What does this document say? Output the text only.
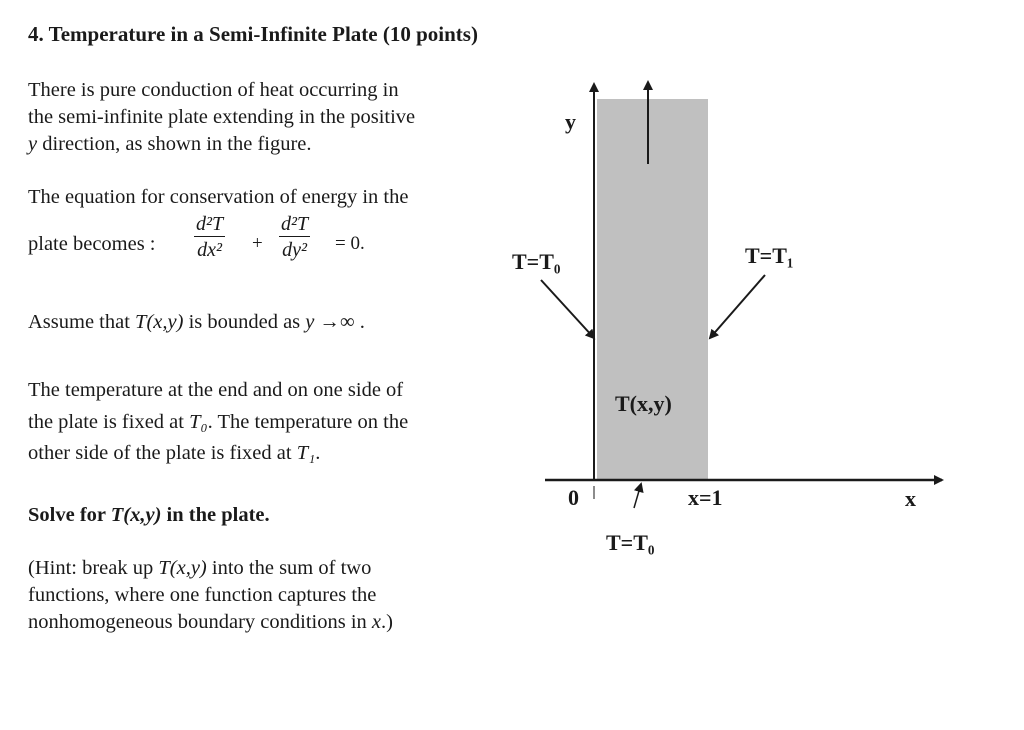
4. Temperature in a Semi-Infinite Plate (10 points)
There is pure conduction of heat occurring in
the semi-infinite plate extending in the positive
y direction, as shown in the figure.
The equation for conservation of energy in the
plate becomes : $\frac{\text{d²T}}{\text{dx²}} + \frac{\text{d²T}}{\text{dy²}} = 0$.
Assume that T(x,y) is bounded as y →∞ .
The temperature at the end and on one side of
the plate is fixed at T₀. The temperature on the
other side of the plate is fixed at T₁.
Solve for T(x,y) in the plate.
(Hint: break up T(x,y) into the sum of two
functions, where one function captures the
nonhomogeneous boundary conditions in x.)
y
x
0	x=1
T=T₀	T=T₁
T=T₀
T(x,y)
